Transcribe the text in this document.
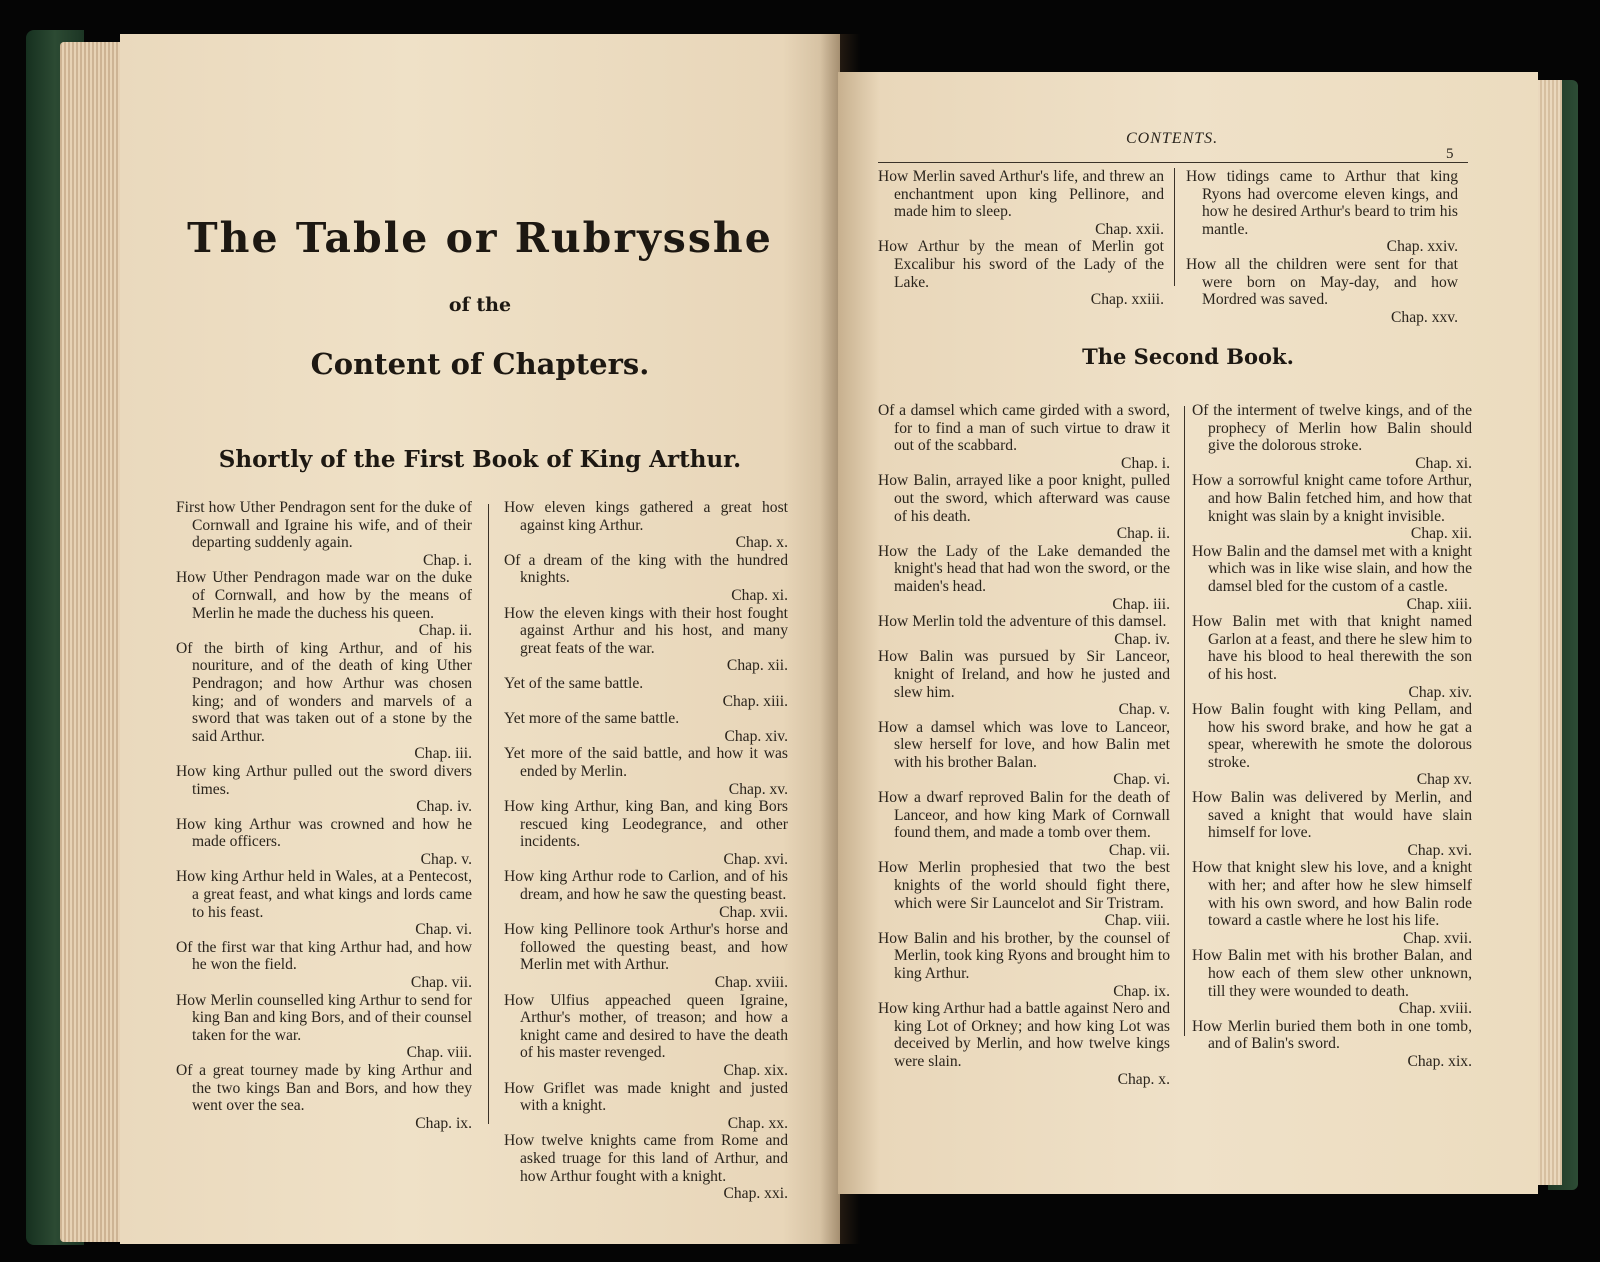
The Table or Rubrysshe
of the
Content of Chapters.
Shortly of the First Book of King Arthur.
First how Uther Pendragon sent for the duke of Cornwall and Igraine his wife, and of their departing suddenly again.
Chap. i.
How Uther Pendragon made war on the duke of Cornwall, and how by the means of Merlin he made the duchess his queen.
Chap. ii.
Of the birth of king Arthur, and of his nouriture, and of the death of king Uther Pendragon; and how Arthur was chosen king; and of wonders and marvels of a sword that was taken out of a stone by the said Arthur.
Chap. iii.
How king Arthur pulled out the sword divers times.
Chap. iv.
How king Arthur was crowned and how he made officers.
Chap. v.
How king Arthur held in Wales, at a Pentecost, a great feast, and what kings and lords came to his feast.
Chap. vi.
Of the first war that king Arthur had, and how he won the field.
Chap. vii.
How Merlin counselled king Arthur to send for king Ban and king Bors, and of their counsel taken for the war.
Chap. viii.
Of a great tourney made by king Arthur and the two kings Ban and Bors, and how they went over the sea.
Chap. ix.
How eleven kings gathered a great host against king Arthur.
Chap. x.
Of a dream of the king with the hundred knights.
Chap. xi.
How the eleven kings with their host fought against Arthur and his host, and many great feats of the war.
Chap. xii.
Yet of the same battle.
Chap. xiii.
Yet more of the same battle.
Chap. xiv.
Yet more of the said battle, and how it was ended by Merlin.
Chap. xv.
How king Arthur, king Ban, and king Bors rescued king Leodegrance, and other incidents.
Chap. xvi.
How king Arthur rode to Carlion, and of his dream, and how he saw the questing beast.
Chap. xvii.
How king Pellinore took Arthur's horse and followed the questing beast, and how Merlin met with Arthur.
Chap. xviii.
How Ulfius appeached queen Igraine, Arthur's mother, of treason; and how a knight came and desired to have the death of his master revenged.
Chap. xix.
How Griflet was made knight and justed with a knight.
Chap. xx.
How twelve knights came from Rome and asked truage for this land of Arthur, and how Arthur fought with a knight.
Chap. xxi.
CONTENTS.
5
How Merlin saved Arthur's life, and threw an enchantment upon king Pellinore, and made him to sleep.
Chap. xxii.
How Arthur by the mean of Merlin got Excalibur his sword of the Lady of the Lake.
Chap. xxiii.
How tidings came to Arthur that king Ryons had overcome eleven kings, and how he desired Arthur's beard to trim his mantle.
Chap. xxiv.
How all the children were sent for that were born on May-day, and how Mordred was saved.
Chap. xxv.
The Second Book.
Of a damsel which came girded with a sword, for to find a man of such virtue to draw it out of the scabbard.
Chap. i.
How Balin, arrayed like a poor knight, pulled out the sword, which afterward was cause of his death.
Chap. ii.
How the Lady of the Lake demanded the knight's head that had won the sword, or the maiden's head.
Chap. iii.
How Merlin told the adventure of this damsel.
Chap. iv.
How Balin was pursued by Sir Lanceor, knight of Ireland, and how he justed and slew him.
Chap. v.
How a damsel which was love to Lanceor, slew herself for love, and how Balin met with his brother Balan.
Chap. vi.
How a dwarf reproved Balin for the death of Lanceor, and how king Mark of Cornwall found them, and made a tomb over them.
Chap. vii.
How Merlin prophesied that two the best knights of the world should fight there, which were Sir Launcelot and Sir Tristram.
Chap. viii.
How Balin and his brother, by the counsel of Merlin, took king Ryons and brought him to king Arthur.
Chap. ix.
How king Arthur had a battle against Nero and king Lot of Orkney; and how king Lot was deceived by Merlin, and how twelve kings were slain.
Chap. x.
Of the interment of twelve kings, and of the prophecy of Merlin how Balin should give the dolorous stroke.
Chap. xi.
How a sorrowful knight came tofore Arthur, and how Balin fetched him, and how that knight was slain by a knight invisible.
Chap. xii.
How Balin and the damsel met with a knight which was in like wise slain, and how the damsel bled for the custom of a castle.
Chap. xiii.
How Balin met with that knight named Garlon at a feast, and there he slew him to have his blood to heal therewith the son of his host.
Chap. xiv.
How Balin fought with king Pellam, and how his sword brake, and how he gat a spear, wherewith he smote the dolorous stroke.
Chap xv.
How Balin was delivered by Merlin, and saved a knight that would have slain himself for love.
Chap. xvi.
How that knight slew his love, and a knight with her; and after how he slew himself with his own sword, and how Balin rode toward a castle where he lost his life.
Chap. xvii.
How Balin met with his brother Balan, and how each of them slew other unknown, till they were wounded to death.
Chap. xviii.
How Merlin buried them both in one tomb, and of Balin's sword.
Chap. xix.
